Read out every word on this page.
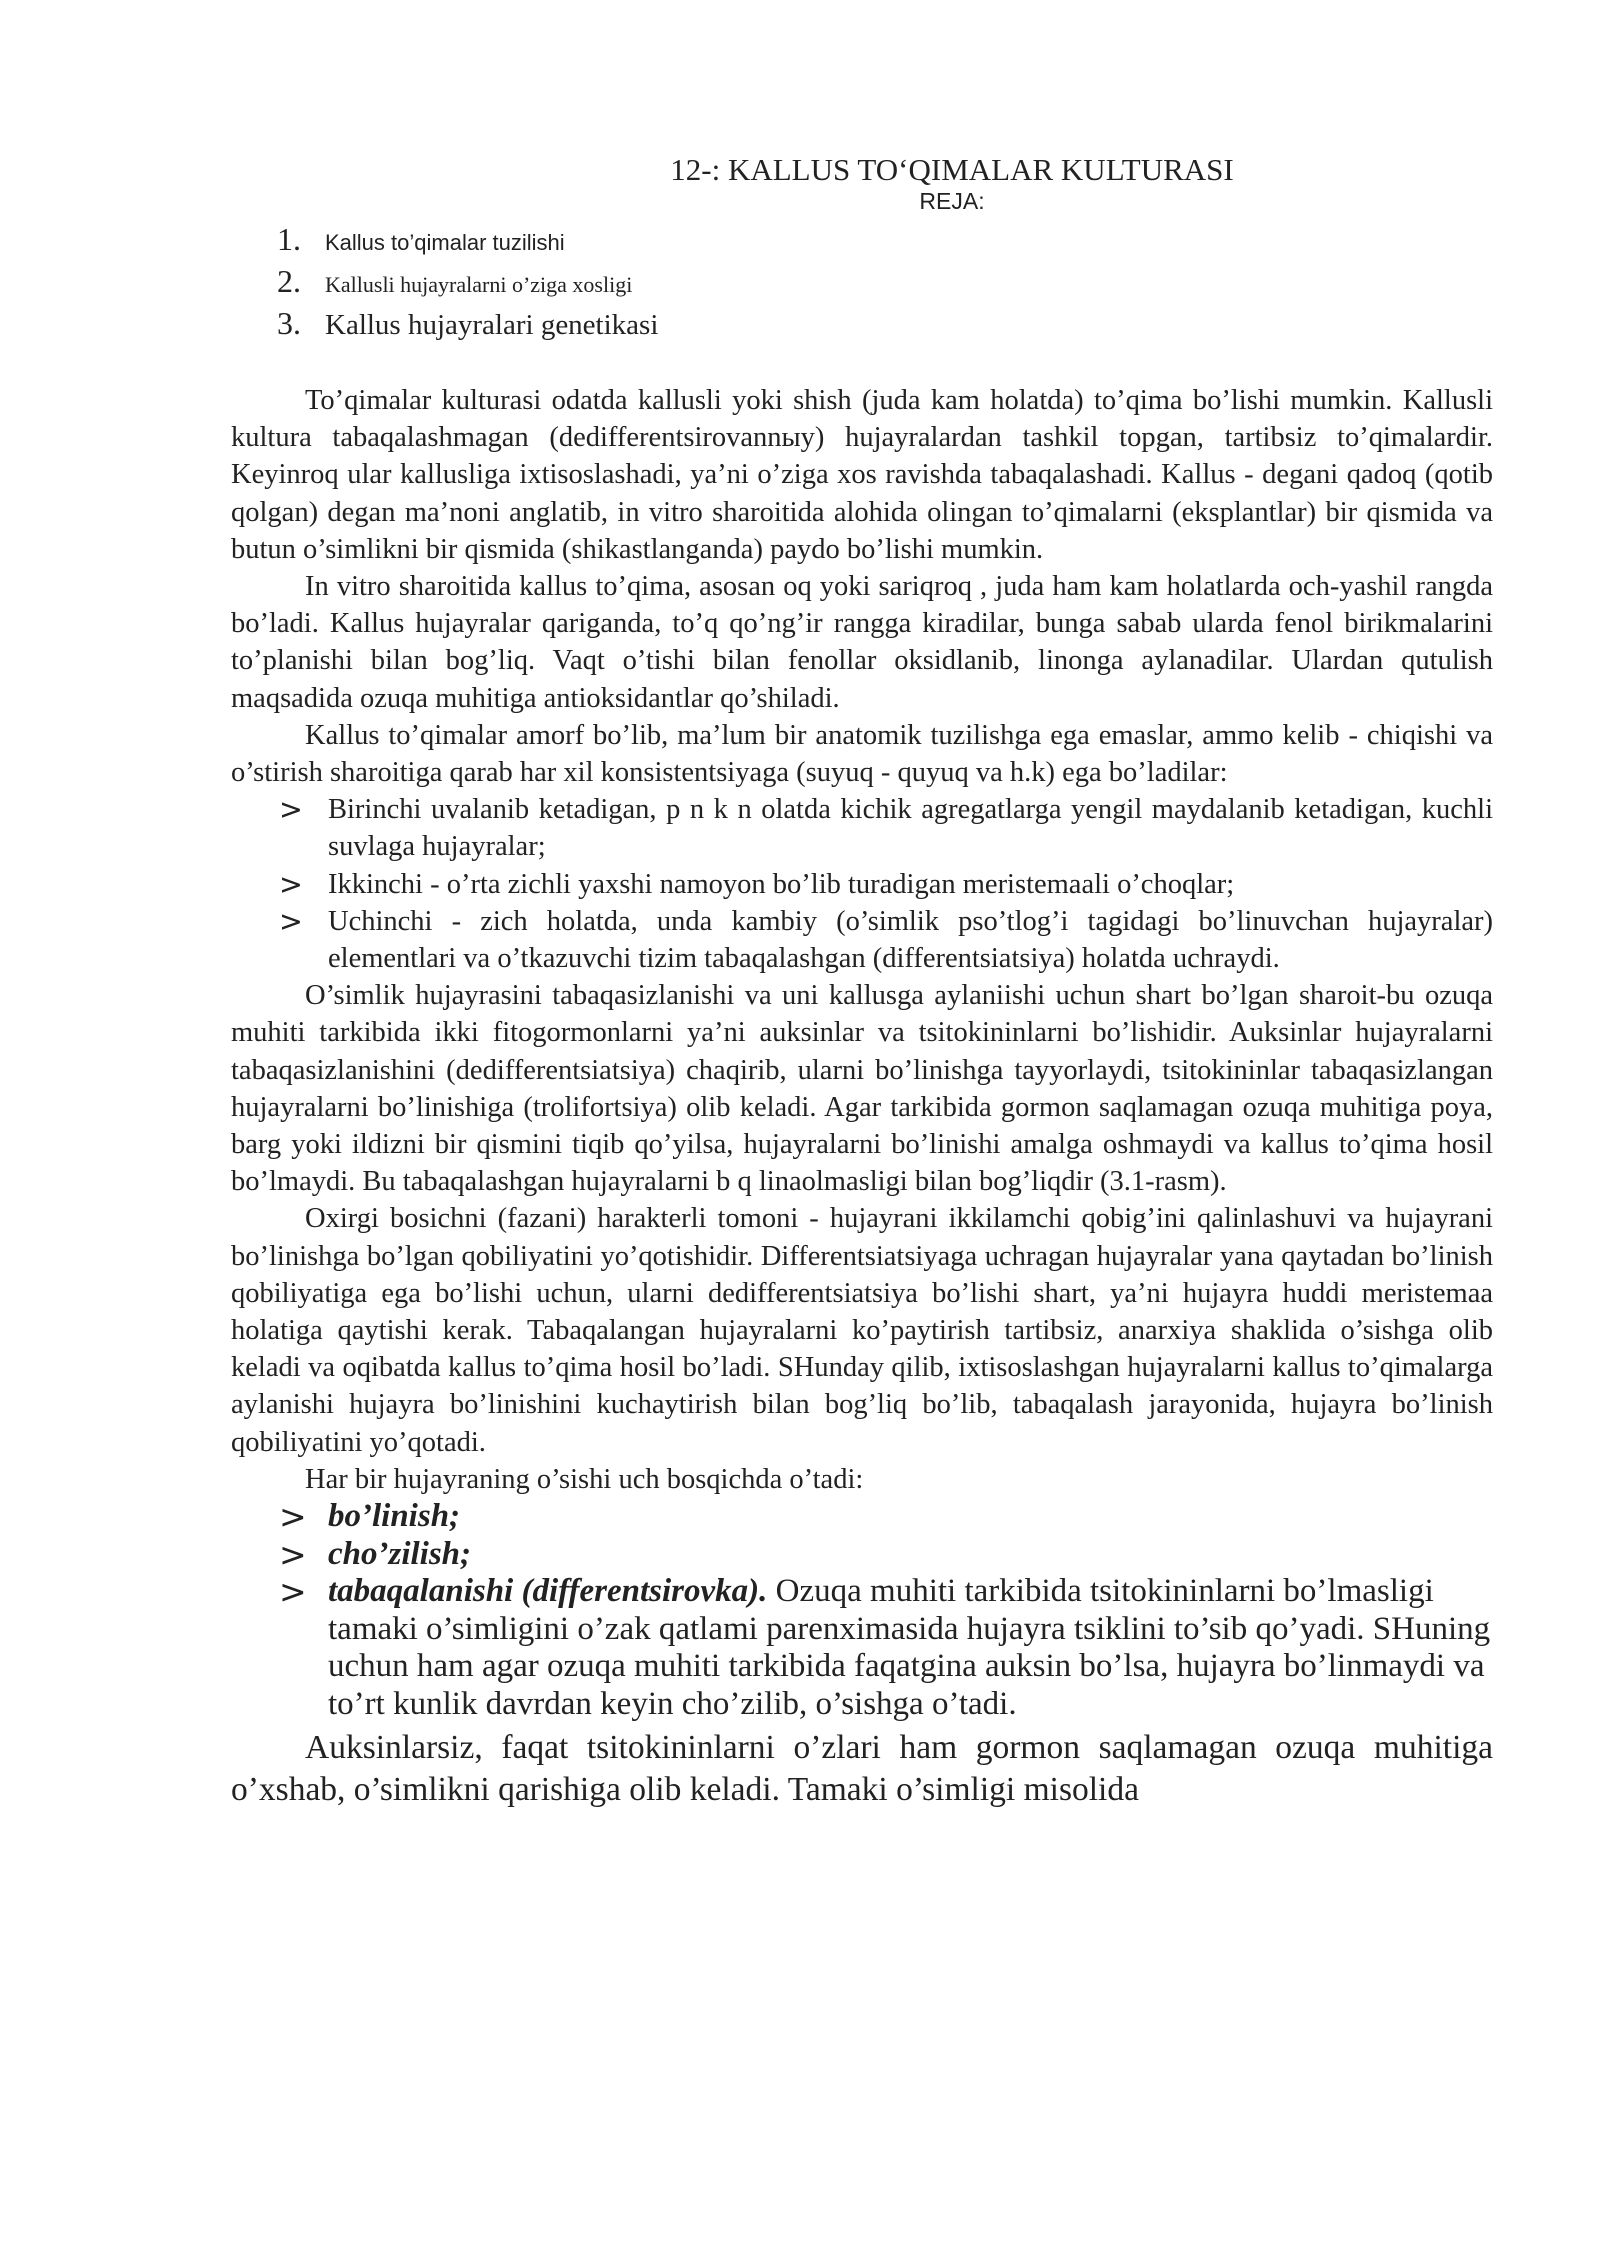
12-: KALLUS TO‘QIMALAR KULTURASI
REJA:
1.	Kallus to’qimalar tuzilishi
2.	Kallusli hujayralarni o’ziga xosligi
3. Kallus hujayralari genetikasi

To’qimalar kulturasi odatda kallusli yoki shish (juda kam holatda) to’qima bo’lishi mumkin. Kallusli kultura tabaqalashmagan (dedifferentsirovannыy) hujayralardan tashkil topgan, tartibsiz to’qimalardir. Keyinroq ular kallusliga ixtisoslashadi, ya’ni o’ziga xos ravishda tabaqalashadi. Kallus - degani qadoq (qotib qolgan) degan ma’noni anglatib, in vitro sharoitida alohida olingan to’qimalarni (eksplantlar) bir qismida va butun o’simlikni bir qismida (shikastlanganda) paydo bo’lishi mumkin.

In vitro sharoitida kallus to’qima, asosan oq yoki sariqroq , juda ham kam holatlarda och-yashil rangda bo’ladi. Kallus hujayralar qariganda, to’q qo’ng’ir rangga kiradilar, bunga sabab ularda fenol birikmalarini to’planishi bilan bog’liq. Vaqt o’tishi bilan fenollar oksidlanib, linonga aylanadilar. Ulardan qutulish maqsadida ozuqa muhitiga antioksidantlar qo’shiladi.

Kallus to’qimalar amorf bo’lib, ma’lum bir anatomik tuzilishga ega emaslar, ammo kelib - chiqishi va o’stirish sharoitiga qarab har xil konsistentsiyaga (suyuq - quyuq va h.k) ega bo’ladilar:

> Birinchi uvalanib ketadigan, p n k n olatda kichik agregatlarga yengil maydalanib ketadigan, kuchli suvlaga hujayralar;
> Ikkinchi - o’rta zichli yaxshi namoyon bo’lib turadigan meristemaali o’choqlar;
> Uchinchi - zich holatda, unda kambiy (o’simlik pso’tlog’i tagidagi bo’linuvchan hujayralar) elementlari va o’tkazuvchi tizim tabaqalashgan (differentsiatsiya) holatda uchraydi.

O’simlik hujayrasini tabaqasizlanishi va uni kallusga aylaniishi uchun shart bo’lgan sharoit-bu ozuqa muhiti tarkibida ikki fitogormonlarni ya’ni auksinlar va tsitokininlarni bo’lishidir. Auksinlar hujayralarni tabaqasizlanishini (dedifferentsiatsiya) chaqirib, ularni bo’linishga tayyorlaydi, tsitokininlar tabaqasizlangan hujayralarni bo’linishiga (trolifortsiya) olib keladi. Agar tarkibida gormon saqlamagan ozuqa muhitiga poya, barg yoki ildizni bir qismini tiqib qo’yilsa, hujayralarni bo’linishi amalga oshmaydi va kallus to’qima hosil bo’lmaydi. Bu tabaqalashgan hujayralarni b q linaolmasligi bilan bog’liqdir (3.1-rasm).

Oxirgi bosichni (fazani) harakterli tomoni - hujayrani ikkilamchi qobig’ini qalinlashuvi va hujayrani bo’linishga bo’lgan qobiliyatini yo’qotishidir. Differentsiatsiyaga uchragan hujayralar yana qaytadan bo’linish qobiliyatiga ega bo’lishi uchun, ularni dedifferentsiatsiya bo’lishi shart, ya’ni hujayra huddi meristemaa holatiga qaytishi kerak. Tabaqalangan hujayralarni ko’paytirish tartibsiz, anarxiya shaklida o’sishga olib keladi va oqibatda kallus to’qima hosil bo’ladi. SHunday qilib, ixtisoslashgan hujayralarni kallus to’qimalarga aylanishi hujayra bo’linishini kuchaytirish bilan bog’liq bo’lib, tabaqalash jarayonida, hujayra bo’linish qobiliyatini yo’qotadi.

Har bir hujayraning o’sishi uch bosqichda o’tadi:

> bo’linish;
> cho’zilish;
> tabaqalanishi (differentsirovka). Ozuqa muhiti tarkibida tsitokininlarni bo’lmasligi tamaki o’simligini o’zak qatlami parenximasida hujayra tsiklini to’sib qo’yadi. SHuning uchun ham agar ozuqa muhiti tarkibida faqatgina auksin bo’lsa, hujayra bo’linmaydi va to’rt kunlik davrdan keyin cho’zilib, o’sishga o’tadi.

Auksinlarsiz, faqat tsitokininlarni o’zlari ham gormon saqlamagan ozuqa muhitiga o’xshab, o’simlikni qarishiga olib keladi. Tamaki o’simligi misolida
